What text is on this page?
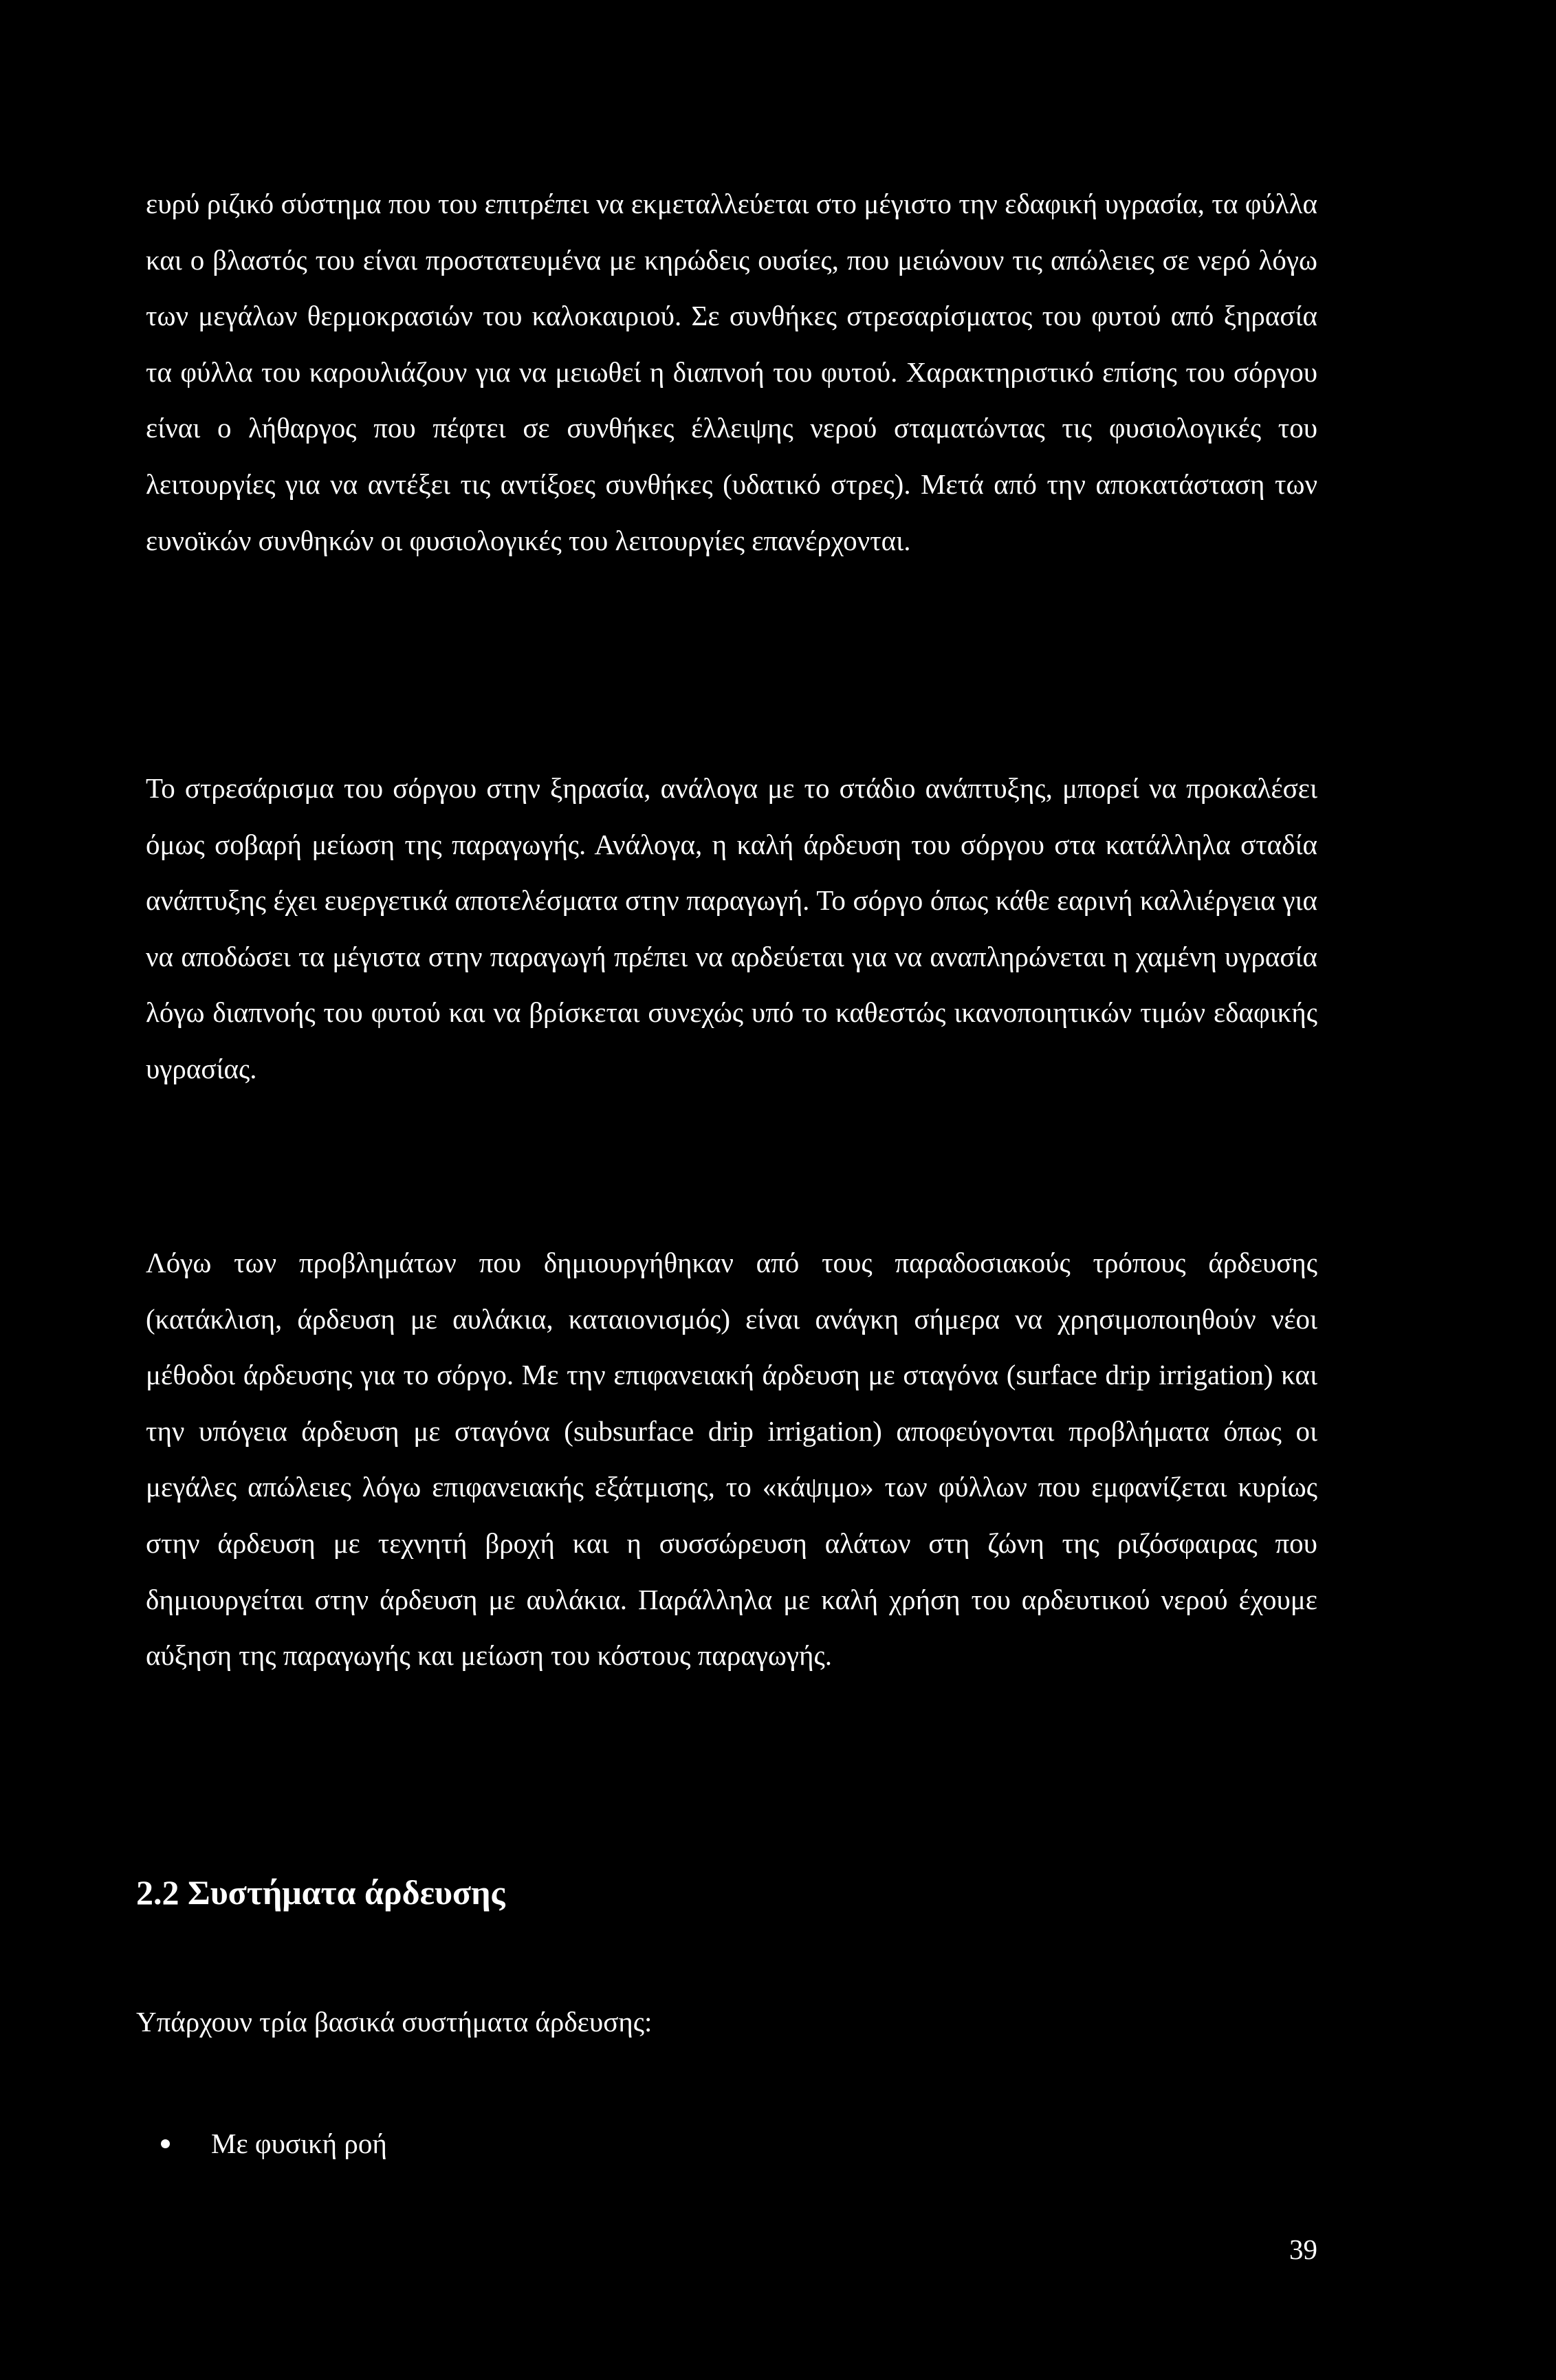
ευρύ ριζικό σύστημα που του επιτρέπει να εκμεταλλεύεται στο μέγιστο την εδαφική υγρασία, τα φύλλα και ο βλαστός του είναι προστατευμένα με κηρώδεις ουσίες, που μειώνουν τις απώλειες σε νερό λόγω των μεγάλων θερμοκρασιών του καλοκαιριού. Σε συνθήκες στρεσαρίσματος του φυτού από ξηρασία τα φύλλα του καρουλιάζουν για να μειωθεί η διαπνοή του φυτού. Χαρακτηριστικό επίσης του σόργου είναι ο λήθαργος που πέφτει σε συνθήκες έλλειψης νερού σταματώντας τις φυσιολογικές του λειτουργίες για να αντέξει τις αντίξοες συνθήκες (υδατικό στρες). Μετά από την αποκατάσταση των ευνοϊκών συνθηκών οι φυσιολογικές του λειτουργίες επανέρχονται.

Το στρεσάρισμα του σόργου στην ξηρασία, ανάλογα με το στάδιο ανάπτυξης, μπορεί να προκαλέσει όμως σοβαρή μείωση της παραγωγής. Ανάλογα, η καλή άρδευση του σόργου στα κατάλληλα σταδία ανάπτυξης έχει ευεργετικά αποτελέσματα στην παραγωγή. Το σόργο όπως κάθε εαρινή καλλιέργεια για να αποδώσει τα μέγιστα στην παραγωγή πρέπει να αρδεύεται για να αναπληρώνεται η χαμένη υγρασία λόγω διαπνοής του φυτού και να βρίσκεται συνεχώς υπό το καθεστώς ικανοποιητικών τιμών εδαφικής υγρασίας.

Λόγω των προβλημάτων που δημιουργήθηκαν από τους παραδοσιακούς τρόπους άρδευσης (κατάκλιση, άρδευση με αυλάκια, καταιονισμός) είναι ανάγκη σήμερα να χρησιμοποιηθούν νέοι μέθοδοι άρδευσης για το σόργο. Με την επιφανειακή άρδευση με σταγόνα (surface drip irrigation) και την υπόγεια άρδευση με σταγόνα (subsurface drip irrigation) αποφεύγονται προβλήματα όπως οι μεγάλες απώλειες λόγω επιφανειακής εξάτμισης, το «κάψιμο» των φύλλων που εμφανίζεται κυρίως στην άρδευση με τεχνητή βροχή και η συσσώρευση αλάτων στη ζώνη της ριζόσφαιρας που δημιουργείται στην άρδευση με αυλάκια. Παράλληλα με καλή χρήση του αρδευτικού νερού έχουμε αύξηση της παραγωγής και μείωση του κόστους παραγωγής.

2.2 Συστήματα άρδευσης

Υπάρχουν τρία βασικά συστήματα άρδευσης:

Με φυσική ροή

39
